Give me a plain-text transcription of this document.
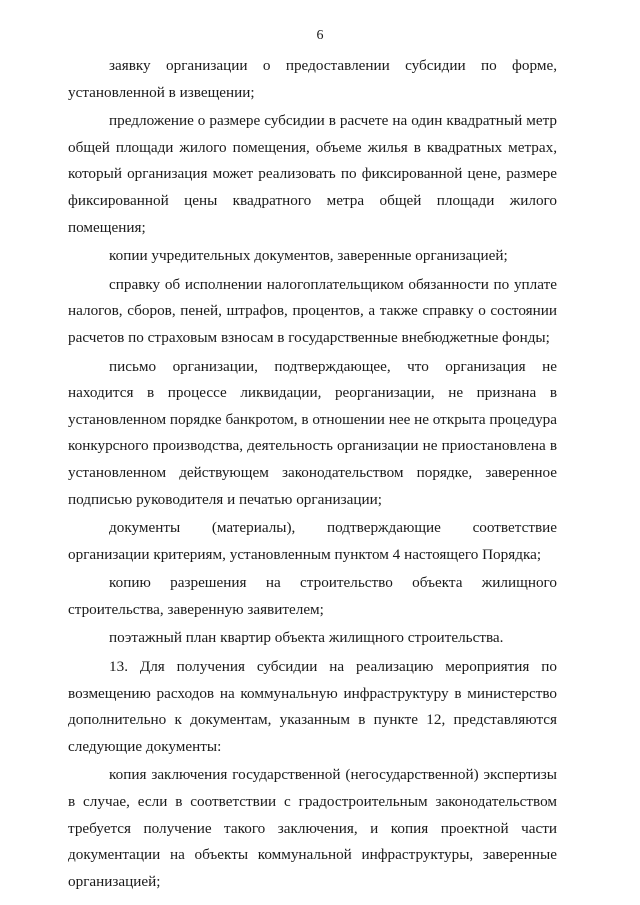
6

заявку организации о предоставлении субсидии по форме, установленной в извещении;

предложение о размере субсидии в расчете на один квадратный метр общей площади жилого помещения, объеме жилья в квадратных метрах, который организация может реализовать по фиксированной цене, размере фиксированной цены квадратного метра общей площади жилого помещения;

копии учредительных документов, заверенные организацией;

справку об исполнении налогоплательщиком обязанности по уплате налогов, сборов, пеней, штрафов, процентов, а также справку о состоянии расчетов по страховым взносам в государственные внебюджетные фонды;

письмо организации, подтверждающее, что организация не находится в процессе ликвидации, реорганизации, не признана в установленном порядке банкротом, в отношении нее не открыта процедура конкурсного производства, деятельность организации не приостановлена в установленном действующем законодательством порядке, заверенное подписью руководителя и печатью организации;

документы (материалы), подтверждающие соответствие организации критериям, установленным пунктом 4 настоящего Порядка;

копию разрешения на строительство объекта жилищного строительства, заверенную заявителем;

поэтажный план квартир объекта жилищного строительства.

13. Для получения субсидии на реализацию мероприятия по возмещению расходов на коммунальную инфраструктуру в министерство дополнительно к документам, указанным в пункте 12, представляются следующие документы:

копия заключения государственной (негосударственной) экспертизы в случае, если в соответствии с градостроительным законодательством требуется получение такого заключения, и копия проектной части документации на объекты коммунальной инфраструктуры, заверенные организацией;
